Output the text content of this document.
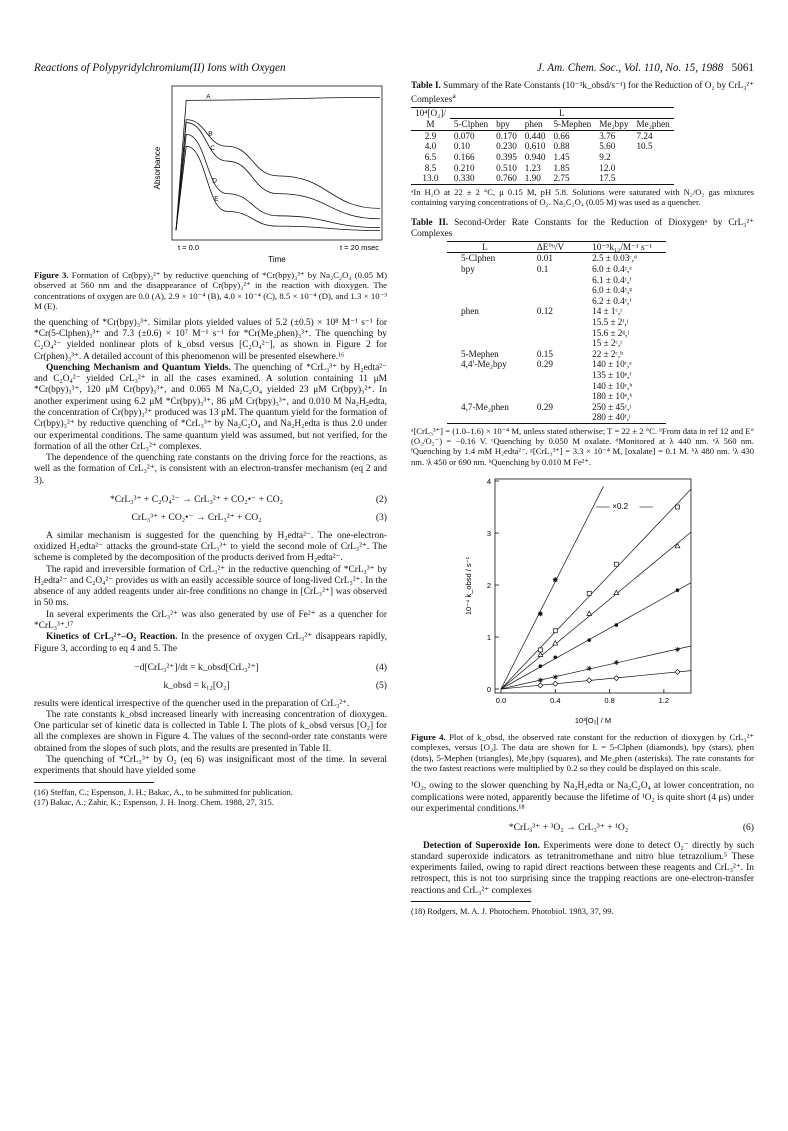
Reactions of Polypyridylchromium(II) Ions with Oxygen	J. Am. Chem. Soc., Vol. 110, No. 15, 1988 5061
A
B
C
D
E
Absorbance
t = 0.0	t = 20 msec
Time

Figure 3. Formation of Cr(bpy)₃²⁺ by reductive quenching of *Cr(bpy)₃³⁺ by Na₂C₂O₄ (0.05 M) observed at 560 nm and the disappearance of Cr(bpy)₃²⁺ in the reaction with dioxygen. The concentrations of oxygen are 0.0 (A), 2.9 × 10⁻⁴ (B), 4.0 × 10⁻⁴ (C), 8.5 × 10⁻⁴ (D), and 1.3 × 10⁻³ M (E).

the quenching of *Cr(bpy)₃³⁺. Similar plots yielded values of 5.2 (±0.5) × 10⁸ M⁻¹ s⁻¹ for *Cr(5-Clphen)₃³⁺ and 7.3 (±0.6) × 10⁷ M⁻¹ s⁻¹ for *Cr(Me₂phen)₃³⁺. The quenching by C₂O₄²⁻ yielded nonlinear plots of k_obsd versus [C₂O₄²⁻], as shown in Figure 2 for Cr(phen)₃³⁺. A detailed account of this phenomenon will be presented elsewhere.¹⁶

Quenching Mechanism and Quantum Yields. The quenching of *CrL₃³⁺ by H₂edta²⁻ and C₂O₄²⁻ yielded CrL₃²⁺ in all the cases examined. A solution containing 11 μM *Cr(bpy)₃³⁺, 120 μM Cr(bpy)₃³⁺, and 0.065 M Na₂C₂O₄ yielded 23 μM Cr(bpy)₃²⁺. In another experiment using 6.2 μM *Cr(bpy)₃³⁺, 86 μM Cr(bpy)₃³⁺, and 0.010 M Na₂H₂edta, the concentration of Cr(bpy)₃²⁺ produced was 13 μM. The quantum yield for the formation of Cr(bpy)₃²⁺ by reductive quenching of *CrL₃³⁺ by Na₂C₂O₄ and Na₂H₂edta is thus 2.0 under our experimental conditions. The same quantum yield was assumed, but not verified, for the formation of all the other CrL₃²⁺ complexes.

The dependence of the quenching rate constants on the driving force for the reactions, as well as the formation of CrL₃²⁺, is consistent with an electron-transfer mechanism (eq 2 and 3).

*CrL₃³⁺ + C₂O₄²⁻ → CrL₃²⁺ + CO₂•⁻ + CO₂	(2)
CrL₃³⁺ + CO₂•⁻ → CrL₃²⁺ + CO₂	(3)

A similar mechanism is suggested for the quenching by H₂edta²⁻. The one-electron-oxidized H₂edta²⁻ attacks the ground-state CrL₃³⁺ to yield the second mole of CrL₃²⁺. The scheme is completed by the decomposition of the products derived from H₂edta²⁻.

The rapid and irreversible formation of CrL₃²⁺ in the reductive quenching of *CrL₃³⁺ by H₂edta²⁻ and C₂O₄²⁻ provides us with an easily accessible source of long-lived CrL₃²⁺. In the absence of any added reagents under air-free conditions no change in [CrL₃²⁺] was observed in 50 ms.

In several experiments the CrL₃²⁺ was also generated by use of Fe²⁺ as a quencher for *CrL₃³⁺.¹⁷

Kinetics of CrL₃²⁺–O₂ Reaction. In the presence of oxygen CrL₃²⁺ disappears rapidly, Figure 3, according to eq 4 and 5. The

−d[CrL₃²⁺]/dt = k_obsd[CrL₃²⁺]	(4)
k_obsd = k₁₂[O₂]	(5)

results were identical irrespective of the quencher used in the preparation of CrL₃²⁺.

The rate constants k_obsd increased linearly with increasing concentration of dioxygen. One particular set of kinetic data is collected in Table I. The plots of k_obsd versus [O₂] for all the complexes are shown in Figure 4. The values of the second-order rate constants were obtained from the slopes of such plots, and the results are presented in Table II.

The quenching of *CrL₃³⁺ by O₂ (eq 6) was insignificant most of the time. In several experiments that should have yielded some

(16) Steffan, C.; Espenson, J. H.; Bakac, A., to be submitted for publication.
(17) Bakac, A.; Zahir, K.; Espenson, J. H. Inorg. Chem. 1988, 27, 315.
Table I. Summary of the Rate Constants (10⁻³k_obsd/s⁻¹) for the Reduction of O₂ by CrL₃²⁺ Complexes$^a$
10⁴[O₂]/	L					
M	5-Clphen	bpy	phen	5-Mephen	Me₂bpy	Me₂phen
2.9	0.070	0.170	0.440	0.66	3.76	7.24
4.0	0.10	0.230	0.610	0.88	5.60	10.5
6.5	0.166	0.395	0.940	1.45	9.2	
8.5	0.210	0.510	1.23	1.85	12.0	
13.0	0.330	0.760	1.90	2.75	17.5	
ᵃIn H₂O at 22 ± 2 °C, μ 0.15 M, pH 5.8. Solutions were saturated with N₂/O₂ gas mixtures containing varying concentrations of O₂. Na₂C₂O₄ (0.05 M) was used as a quencher.
Table II. Second-Order Rate Constants for the Reduction of Dioxygenᵃ by CrL₃²⁺ Complexes
L	ΔE°ᵇ/V	10⁻⁵k₁₂/M⁻¹ s⁻¹
5-Clphen	0.01	2.5 ± 0.03ᶜ,ᵈ
bpy	0.1	6.0 ± 0.4ᶜ,ᵉ
		6.1 ± 0.4ᶜ,ᶠ
		6.0 ± 0.4ᶜ,ᵍ
		6.2 ± 0.4ᶜ,ᶠ
phen	0.12	14 ± 1ᶜ,ʲ
		15.5 ± 2ᶠ,ʲ
		15.6 ± 2ᵍ,ʲ
		15 ± 2ᶜ,ʲ
5-Mephen	0.15	22 ± 2ᶜ,ʰ
4,4′-Me₂bpy	0.29	140 ± 10ᶜ,ᵉ
		135 ± 10ᵉ,ᶠ
		140 ± 10ᶜ,ʰ
		180 ± 10ᵉ,ᵏ
4,7-Me₂phen	0.29	250 ± 45ᶜ,ʲ
		280 ± 40ᶠ,ʲ
ᵃ[CrL₃³⁺] = (1.0–1.6) × 10⁻⁴ M, unless stated otherwise; T = 22 ± 2 °C. ᵇFrom data in ref 12 and E°(O₂/O₂⁻) = −0.16 V. ᶜQuenching by 0.050 M oxalate. ᵈMonitored at λ 440 nm. ᵉλ 560 nm. ᶠQuenching by 1.4 mM H₂edta²⁻. ᵍ[CrL₃³⁺] = 3.3 × 10⁻⁴ M, [oxalate] = 0.1 M. ʰλ 480 nm. ⁱλ 430 nm. ʲλ 450 or 690 nm. ᵏQuenching by 0.010 M Fe²⁺.
0.0	0.4	0.8	1.2
0
1
2
3
4
×0.2
10⁻⁴ k_obsd / s⁻¹
10³[O₂] / M

Figure 4. Plot of k_obsd, the observed rate constant for the reduction of dioxygen by CrL₃²⁺ complexes, versus [O₂]. The data are shown for L = 5-Clphen (diamonds), bpy (stars), phen (dots), 5-Mephen (triangles), Me₂bpy (squares), and Me₂phen (asterisks). The rate constants for the two fastest reactions were multiplied by 0.2 so they could be displayed on this scale.

¹O₂, owing to the slower quenching by Na₂H₂edta or Na₂C₂O₄ at lower concentration, no complications were noted, apparently because the lifetime of ¹O₂ is quite short (4 μs) under our experimental conditions.¹⁸

*CrL₃³⁺ + ³O₂ → CrL₃³⁺ + ¹O₂	(6)

Detection of Superoxide Ion. Experiments were done to detect O₂⁻ directly by such standard superoxide indicators as tetranitromethane and nitro blue tetrazolium.⁵ These experiments failed, owing to rapid direct reactions between these reagents and CrL₃²⁺. In retrospect, this is not too surprising since the trapping reactions are one-electron-transfer reactions and CrL₃²⁺ complexes

(18) Rodgers, M. A. J. Photochem. Photobiol. 1983, 37, 99.
